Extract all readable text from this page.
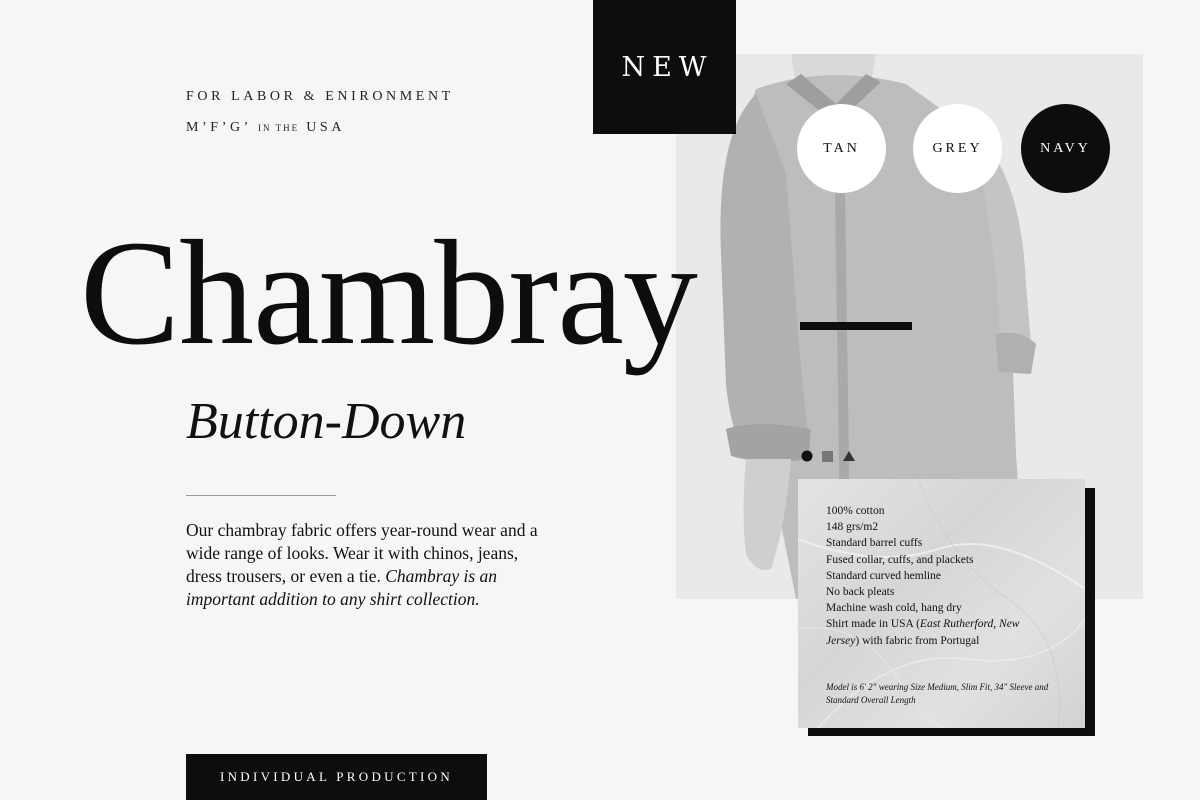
NEW
FOR LABOR & ENIRONMENT
M’F’G’ IN THE USA
TAN	GREY	NAVY
Chambray
Button-Down
Our chambray fabric offers year-round wear and a wide range of looks. Wear it with chinos, jeans, dress trousers, or even a tie. Chambray is an important addition to any shirt collection.
100% cotton
148 grs/m2
Standard barrel cuffs
Fused collar, cuffs, and plackets
Standard curved hemline
No back pleats
Machine wash cold, hang dry
Shirt made in USA (East Rutherford, New Jersey) with fabric from Portugal
Model is 6' 2" wearing Size Medium, Slim Fit, 34" Sleeve and Standard Overall Length
INDIVIDUAL PRODUCTION
